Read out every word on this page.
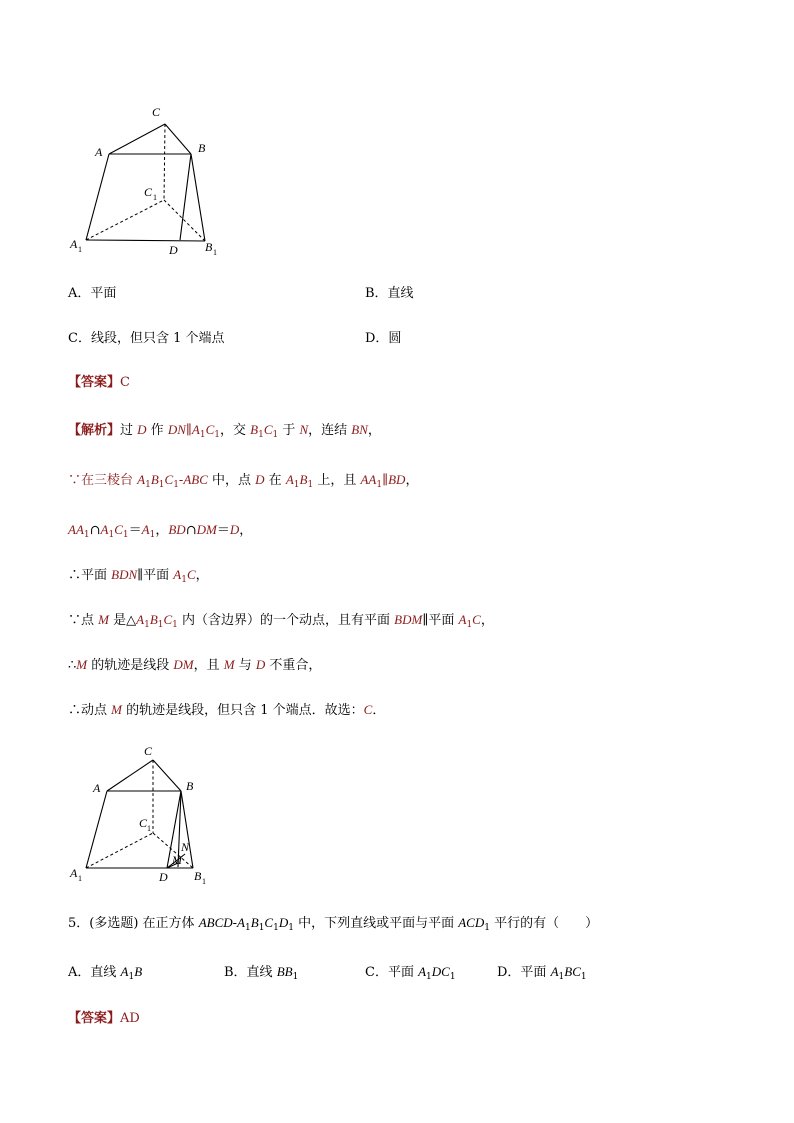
C
A	B
C 1
A 1	D B 1
A．平面	B．直线
C．线段，但只含 1 个端点	D．圆
【答案】C
【解析】过 D 作 $DN\parallel A_1C_1$，交 $B_1C_1$ 于 N，连结 BN，
∵在三棱台 $A_1B_1C_1$-ABC 中，点 D 在 $A_1B_1$ 上，且 $AA_1\parallel BD$，
$AA_1\cap A_1C_1=A_1$，BD∩DM＝D，
∴平面 BDN∥平面 $A_1C$，
∵点 M 是$\triangle A_1B_1C_1$ 内（含边界）的一个动点，且有平面 BDM∥平面 $A_1C$，
∴M 的轨迹是线段 DM，且 M 与 D 不重合，
∴动点 M 的轨迹是线段，但只含 1 个端点．故选：C．
C
A	B
C 1
N
M
A 1	D B 1
5．(多选题) 在正方体 ABCD-$A_1B_1C_1D_1$ 中，下列直线或平面与平面 $ACD_1$ 平行的有（　　）
A．直线 $A_1B$	B．直线 $BB_1$	C．平面 $A_1DC_1$	D．平面 $A_1BC_1$
【答案】AD
